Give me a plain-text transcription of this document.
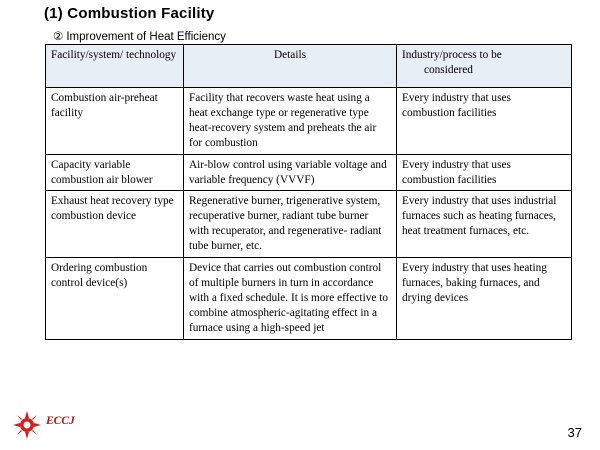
(1) Combustion Facility
② Improvement of Heat Efficiency
Facility/system/ technology	Details	Industry/process to be
considered

Combustion air-preheat facility	Facility that recovers waste heat using a heat exchange type or regenerative type heat-recovery system and preheats the air for combustion	Every industry that uses combustion facilities
Capacity variable combustion air blower	Air-blow control using variable voltage and variable frequency (VVVF)	Every industry that uses combustion facilities
Exhaust heat recovery type combustion device	Regenerative burner, trigenerative system, recuperative burner, radiant tube burner with recuperator, and regenerative- radiant tube burner, etc.	Every industry that uses industrial furnaces such as heating furnaces, heat treatment furnaces, etc.
Ordering combustion control device(s)	Device that carries out combustion control of multiple burners in turn in accordance with a fixed schedule. It is more effective to combine atmospheric-agitating effect in a furnace using a high-speed jet	Every industry that uses heating furnaces, baking furnaces, and drying devices
ECCJ
37
